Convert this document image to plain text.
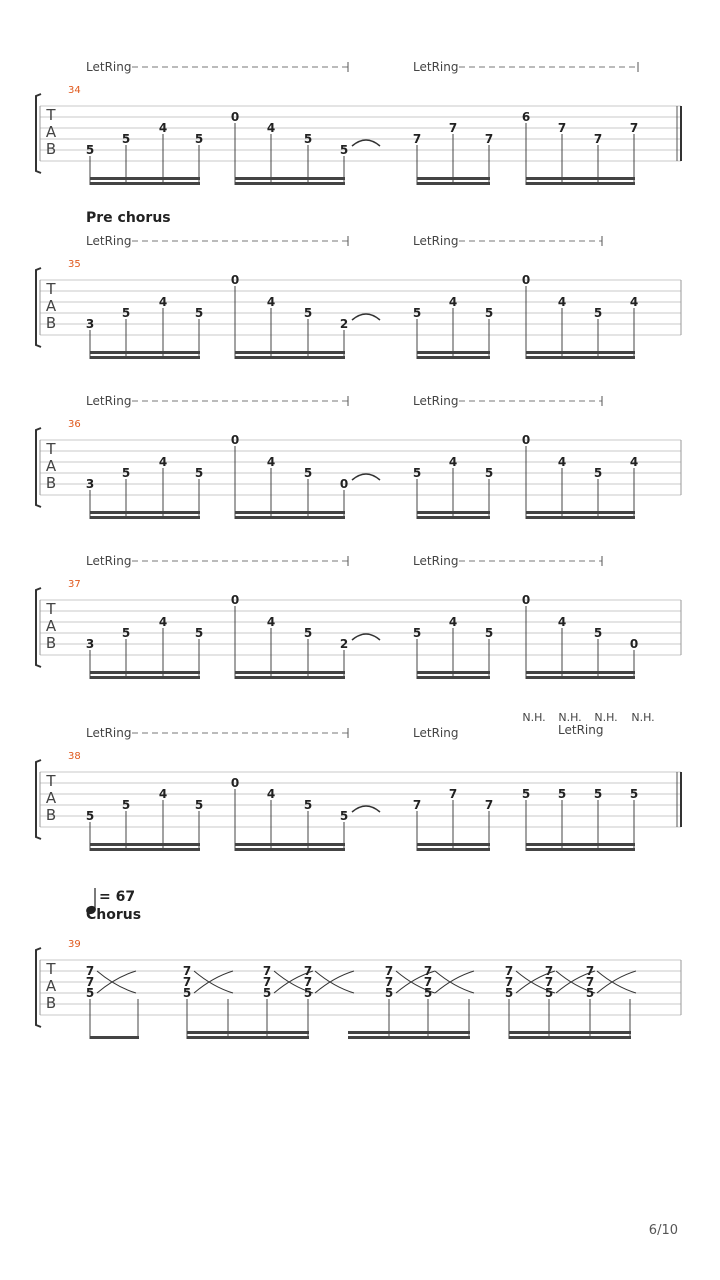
T
A
B
34
LetRing	LetRing
5
5
4
5
0
4
5
5
7
7
7
6
7
7
7
T
A
B
35
Pre chorus
LetRing	LetRing
3
5
4
5
0
4
5
2
5
4
5
0
4
5
4
T
A
B
36
LetRing	LetRing
3
5
4
5
0
4
5
0
5
4
5
0
4
5
4
T
A
B
37
LetRing	LetRing
3
5
4
5
0
4
5
2
5
4
5
0
4
5
0
T
A
B
38
LetRing	LetRing
N.H. N.H. N.H. N.H.
LetRing
5
5
4
5
0
4
5
5
7
7
7
5 5 5 5
T
A
B
39
= 67
Chorus
7
7
5
7
7
5
7
7
5
7
7
5
7
7
5
7
7
5
7
7
5
7
7
5
7
7
5
6/10
